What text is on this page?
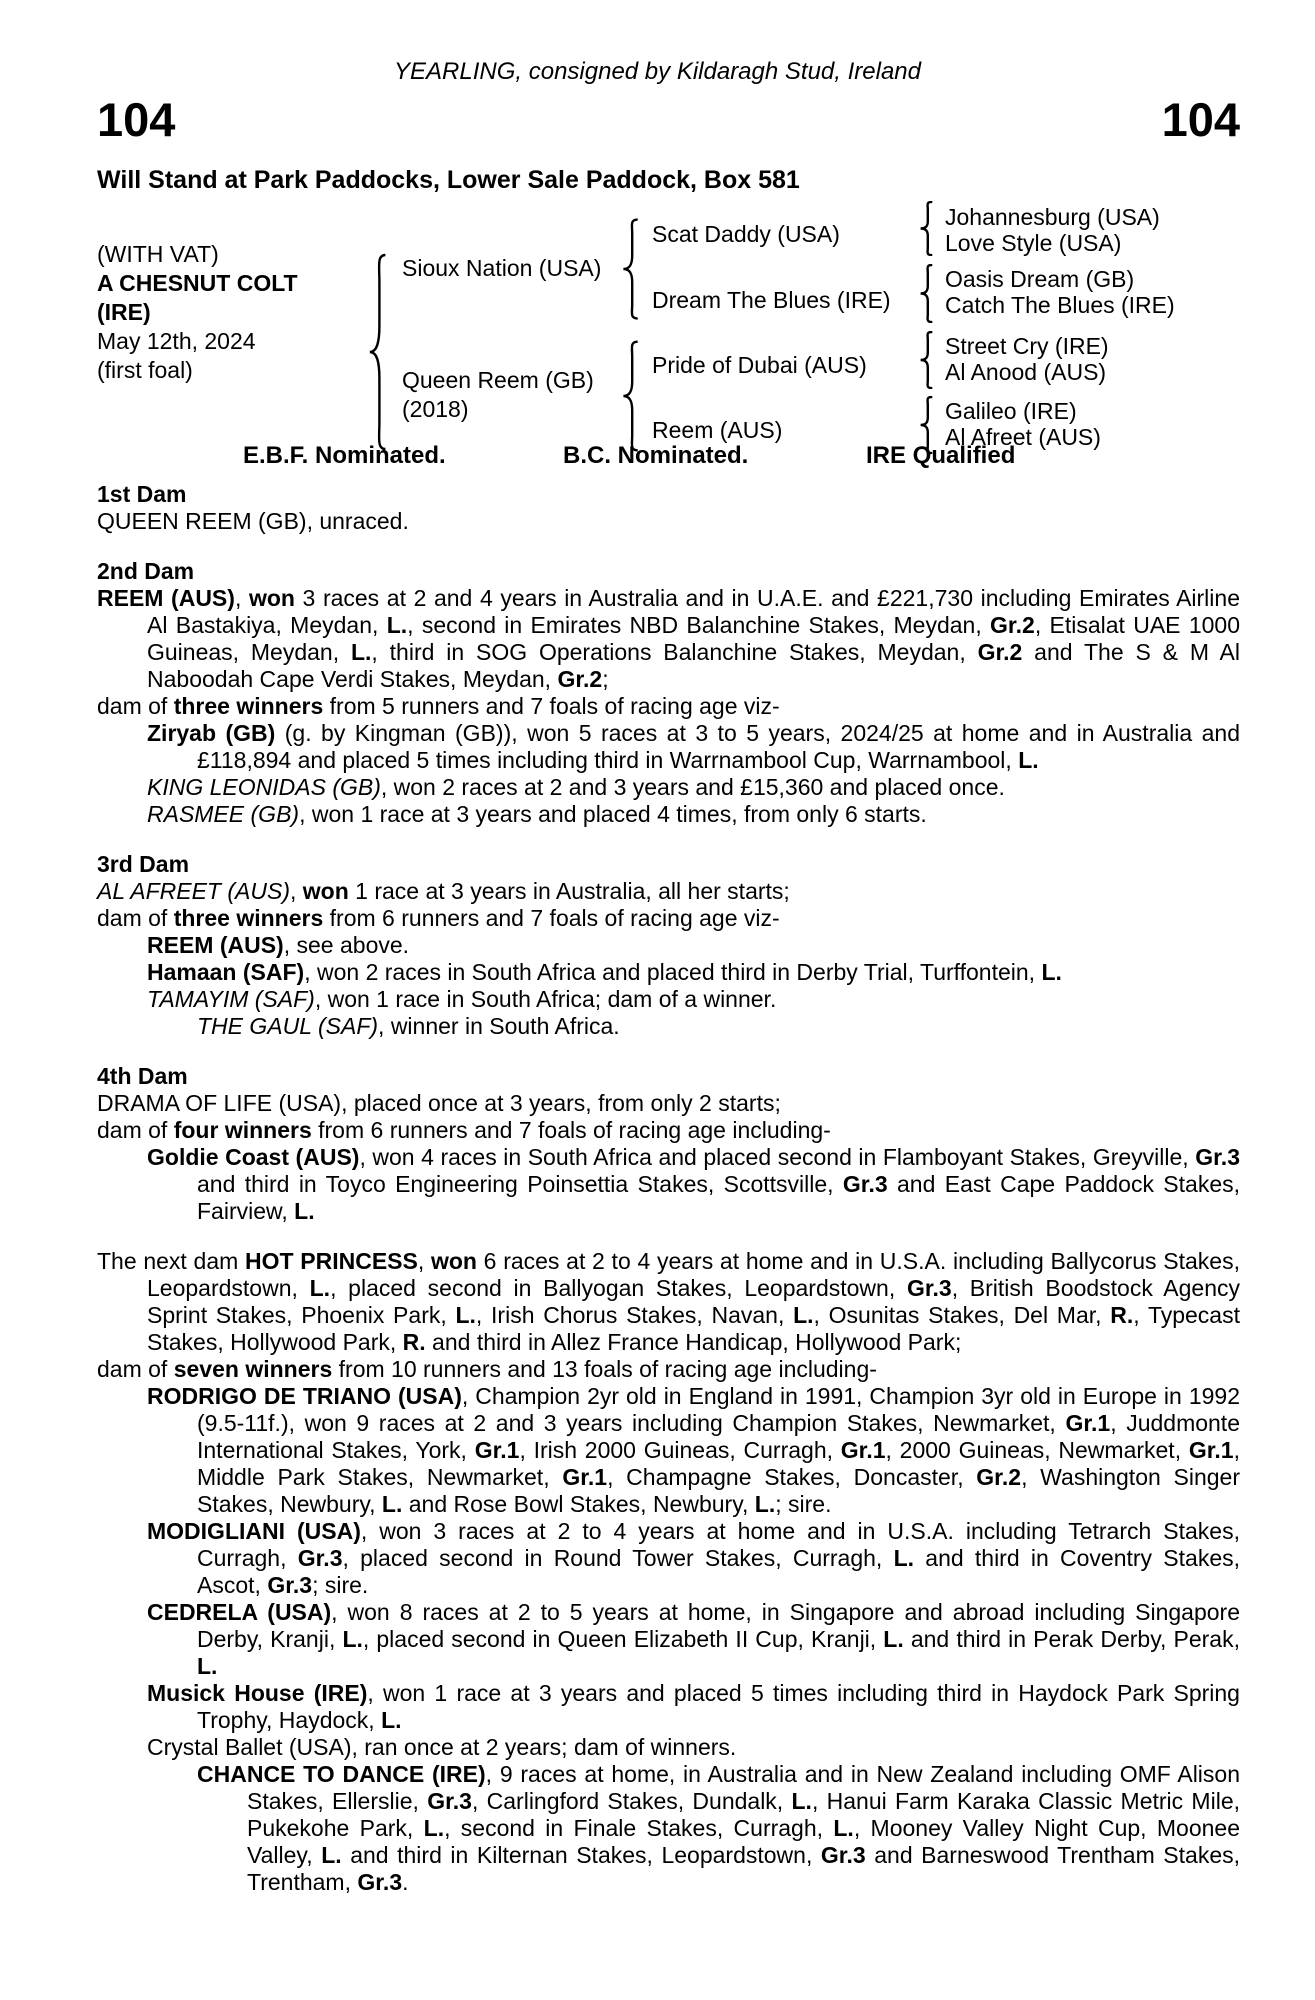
YEARLING, consigned by Kildaragh Stud, Ireland
104	104
Will Stand at Park Paddocks, Lower Sale Paddock, Box 581
(WITH VAT)
A CHESNUT COLT
(IRE)
May 12th, 2024
(first foal)
Sioux Nation (USA)
Queen Reem (GB)
(2018)
Scat Daddy (USA)
Dream The Blues (IRE)
Pride of Dubai (AUS)
Reem (AUS)
Johannesburg (USA)
Love Style (USA)
Oasis Dream (GB)
Catch The Blues (IRE)
Street Cry (IRE)
Al Anood (AUS)
Galileo (IRE)
Al Afreet (AUS)
E.B.F. Nominated.	B.C. Nominated.	IRE Qualified
1st Dam

QUEEN REEM (GB), unraced.

2nd Dam

REEM (AUS), won 3 races at 2 and 4 years in Australia and in U.A.E. and £221,730 including Emirates Airline Al Bastakiya, Meydan, L., second in Emirates NBD Balanchine Stakes, Meydan, Gr.2, Etisalat UAE 1000 Guineas, Meydan, L., third in SOG Operations Balanchine Stakes, Meydan, Gr.2 and The S & M Al Naboodah Cape Verdi Stakes, Meydan, Gr.2;

dam of three winners from 5 runners and 7 foals of racing age viz-

Ziryab (GB) (g. by Kingman (GB)), won 5 races at 3 to 5 years, 2024/25 at home and in Australia and £118,894 and placed 5 times including third in Warrnambool Cup, Warrnambool, L.

KING LEONIDAS (GB), won 2 races at 2 and 3 years and £15,360 and placed once.

RASMEE (GB), won 1 race at 3 years and placed 4 times, from only 6 starts.

3rd Dam

AL AFREET (AUS), won 1 race at 3 years in Australia, all her starts;

dam of three winners from 6 runners and 7 foals of racing age viz-

REEM (AUS), see above.

Hamaan (SAF), won 2 races in South Africa and placed third in Derby Trial, Turffontein, L.

TAMAYIM (SAF), won 1 race in South Africa; dam of a winner.

THE GAUL (SAF), winner in South Africa.

4th Dam

DRAMA OF LIFE (USA), placed once at 3 years, from only 2 starts;

dam of four winners from 6 runners and 7 foals of racing age including-

Goldie Coast (AUS), won 4 races in South Africa and placed second in Flamboyant Stakes, Greyville, Gr.3 and third in Toyco Engineering Poinsettia Stakes, Scottsville, Gr.3 and East Cape Paddock Stakes, Fairview, L.

The next dam HOT PRINCESS, won 6 races at 2 to 4 years at home and in U.S.A. including Ballycorus Stakes, Leopardstown, L., placed second in Ballyogan Stakes, Leopardstown, Gr.3, British Boodstock Agency Sprint Stakes, Phoenix Park, L., Irish Chorus Stakes, Navan, L., Osunitas Stakes, Del Mar, R., Typecast Stakes, Hollywood Park, R. and third in Allez France Handicap, Hollywood Park;

dam of seven winners from 10 runners and 13 foals of racing age including-

RODRIGO DE TRIANO (USA), Champion 2yr old in England in 1991, Champion 3yr old in Europe in 1992 (9.5-11f.), won 9 races at 2 and 3 years including Champion Stakes, Newmarket, Gr.1, Juddmonte International Stakes, York, Gr.1, Irish 2000 Guineas, Curragh, Gr.1, 2000 Guineas, Newmarket, Gr.1, Middle Park Stakes, Newmarket, Gr.1, Champagne Stakes, Doncaster, Gr.2, Washington Singer Stakes, Newbury, L. and Rose Bowl Stakes, Newbury, L.; sire.

MODIGLIANI (USA), won 3 races at 2 to 4 years at home and in U.S.A. including Tetrarch Stakes, Curragh, Gr.3, placed second in Round Tower Stakes, Curragh, L. and third in Coventry Stakes, Ascot, Gr.3; sire.

CEDRELA (USA), won 8 races at 2 to 5 years at home, in Singapore and abroad including Singapore Derby, Kranji, L., placed second in Queen Elizabeth II Cup, Kranji, L. and third in Perak Derby, Perak, L.

Musick House (IRE), won 1 race at 3 years and placed 5 times including third in Haydock Park Spring Trophy, Haydock, L.

Crystal Ballet (USA), ran once at 2 years; dam of winners.

CHANCE TO DANCE (IRE), 9 races at home, in Australia and in New Zealand including OMF Alison Stakes, Ellerslie, Gr.3, Carlingford Stakes, Dundalk, L., Hanui Farm Karaka Classic Metric Mile, Pukekohe Park, L., second in Finale Stakes, Curragh, L., Mooney Valley Night Cup, Moonee Valley, L. and third in Kilternan Stakes, Leopardstown, Gr.3 and Barneswood Trentham Stakes, Trentham, Gr.3.
